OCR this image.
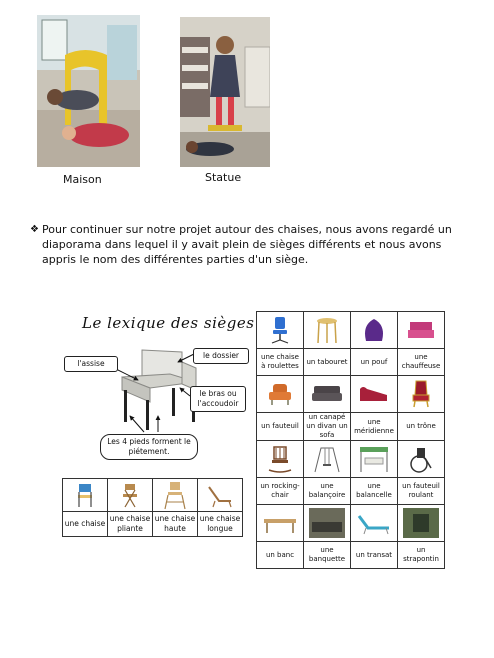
Maison	Statue
❖ Pour continuer sur notre projet autour des chaises, nous avons regardé un diaporama dans lequel il y avait plein de sièges différents et nous avons appris le nom des différentes parties d'un siège.
Le lexique des sièges
l'assise
le dossier
le bras ou l'accoudoir
Les 4 pieds forment le piétement.

une chaise	une chaise pliante	une chaise haute	une chaise longue

une chaise à roulettes	un tabouret	un pouf	une chauffeuse

un fauteuil	un canapé un divan un sofa	une méridienne	un trône

un rocking-chair	une balançoire	une balancelle	un fauteuil roulant

un banc	une banquette	un transat	un strapontin
